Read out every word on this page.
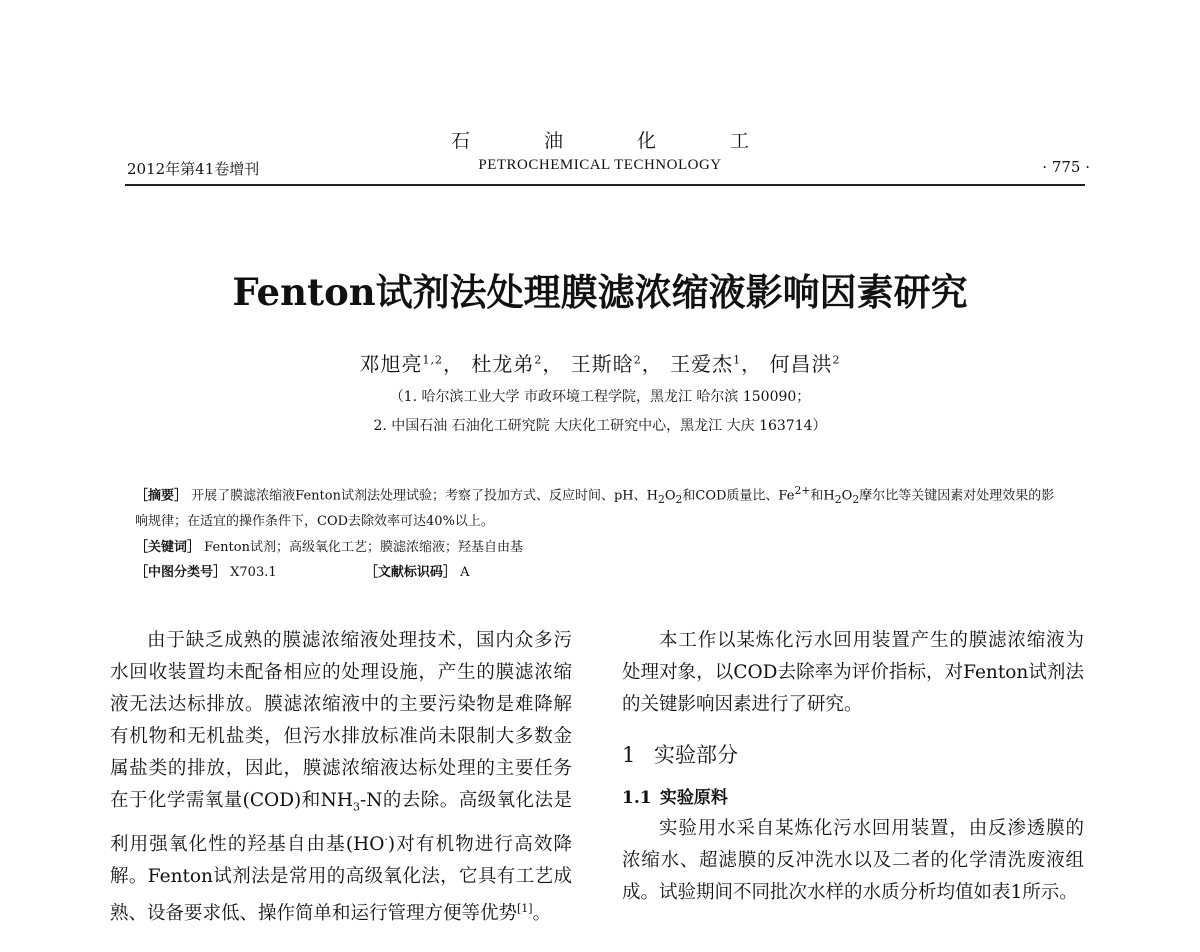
石 油 化 工
2012年第41卷增刊	PETROCHEMICAL TECHNOLOGY	· 775 ·
Fenton试剂法处理膜滤浓缩液影响因素研究
邓旭亮$^{1,2}$， 杜龙弟$^2$， 王斯晗$^2$， 王爱杰$^1$， 何昌洪$^2$
（1. 哈尔滨工业大学 市政环境工程学院，黑龙江 哈尔滨 150090；
2. 中国石油 石油化工研究院 大庆化工研究中心，黑龙江 大庆 163714）
［摘要］ 开展了膜滤浓缩液Fenton试剂法处理试验；考察了投加方式、反应时间、pH、$H_2O_2$和COD质量比、$Fe^{2+}$和$H_2O_2$摩尔比等关键因素对处理效果的影响规律；在适宜的操作条件下，COD去除效率可达40%以上。
［关键词］ Fenton试剂；高级氧化工艺；膜滤浓缩液；羟基自由基
［中图分类号］ X703.1	［文献标识码］ A

由于缺乏成熟的膜滤浓缩液处理技术，国内众多污水回收装置均未配备相应的处理设施，产生的膜滤浓缩液无法达标排放。膜滤浓缩液中的主要污染物是难降解有机物和无机盐类，但污水排放标准尚未限制大多数金属盐类的排放，因此，膜滤浓缩液达标处理的主要任务在于化学需氧量(COD)和$NH_3-N$的去除。高级氧化法是利用强氧化性的羟基自由基(HO·)对有机物进行高效降解。Fenton试剂法是常用的高级氧化法，它具有工艺成熟、设备要求低、操作简单和运行管理方便等优势[1]。

本工作以某炼化污水回用装置产生的膜滤浓缩液为处理对象，以COD去除率为评价指标，对Fenton试剂法的关键影响因素进行了研究。

1 实验部分
1.1 实验原料

实验用水采自某炼化污水回用装置，由反渗透膜的浓缩水、超滤膜的反冲洗水以及二者的化学清洗废液组成。试验期间不同批次水样的水质分析均值如表1所示。
